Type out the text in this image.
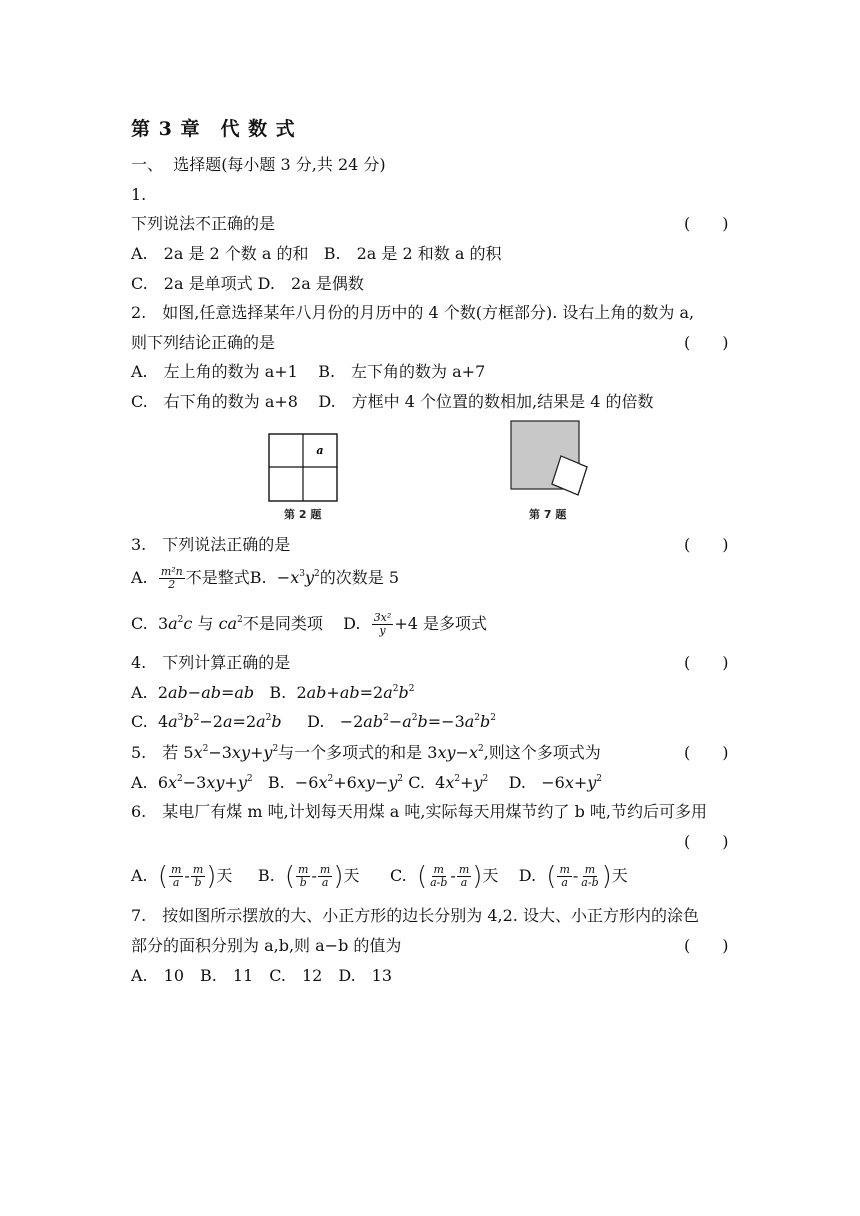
第 3 章　代 数 式
一、 选择题(每小题 3 分,共 24 分)
1.
下列说法不正确的是	(　　)
A.　2a 是 2 个数 a 的和 B.　2a 是 2 和数 a 的积
C.　2a 是单项式 D.　2a 是偶数
2.　如图,任意选择某年八月份的月历中的 4 个数(方框部分). 设右上角的数为 a,
则下列结论正确的是	(　　)
A.　左上角的数为 a+1 B.　左下角的数为 a+7
C.　右下角的数为 a+8 D.　方框中 4 个位置的数相加,结果是 4 的倍数
a
第 2 题	第 7 题
3.　下列说法正确的是	(　　)
A. $\frac{\text{m²n}}{2}$ 不是整式B. $-x^3y^2$的次数是 5
C. $3a^2c$ 与 $ca^2$不是同类项 D. $\frac{\text{3x²}}{y} +4$ 是多项式
4.　下列计算正确的是	(　　)
A. 2ab−ab=ab B. $2ab+ab=2a^2b^2$
C. $4a^3b^2-2a=2a^2b$ D. $-2ab^2-a^2b=-3a^2b^2$
5.　若 $5x^2-3xy+y^2$与一个多项式的和是 $3xy-x^2$,则这个多项式为	(　　)
A. $6x^2-3xy+y^2$ B. $-6x^2+6xy-y^2$ C. $4x^2+y^2$ D. $-6x+y^2$
6.　某电厂有煤 m 吨,计划每天用煤 a 吨,实际每天用煤节约了 b 吨,节约后可多用
(　　)
A. ( $\frac{m}{a} - \frac{m}{b}$ )天 B. ( $\frac{m}{b} - \frac{m}{a}$ )天 C. ( $\frac{m}{a-b} - \frac{m}{a}$ )天 D. ( $\frac{m}{a} - \frac{m}{a-b}$ )天
7.　按如图所示摆放的大、小正方形的边长分别为 4,2. 设大、小正方形内的涂色
部分的面积分别为 a,b,则 a−b 的值为	(　　)
A.　10　B.　11　C.　12　D.　13
